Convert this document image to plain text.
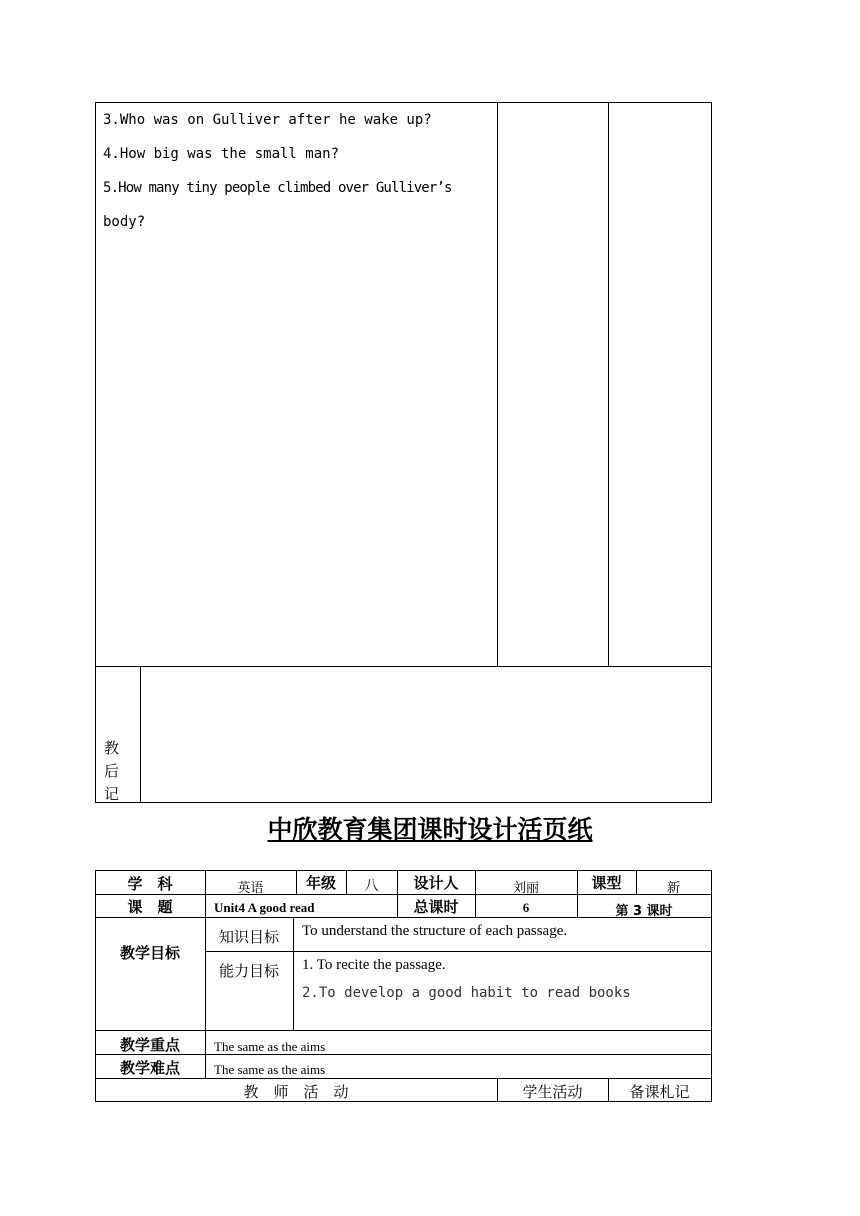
3.Who was on Gulliver after he wake up?
4.How big was the small man?
5.How many tiny people climbed over Gulliver’s
body?
教
后
记
中欣教育集团课时设计活页纸
学　科	英语	年级	八	设计人	刘丽	课型	新
课　题	Unit4 A good read	总课时	6	第 3 课时
教学目标
知识目标	To understand the structure of each passage.
能力目标	1. To recite the passage.
2.To develop a good habit to read books
教学重点	The same as the aims
教学难点	The same as the aims
教　师　活　动	学生活动	备课札记
